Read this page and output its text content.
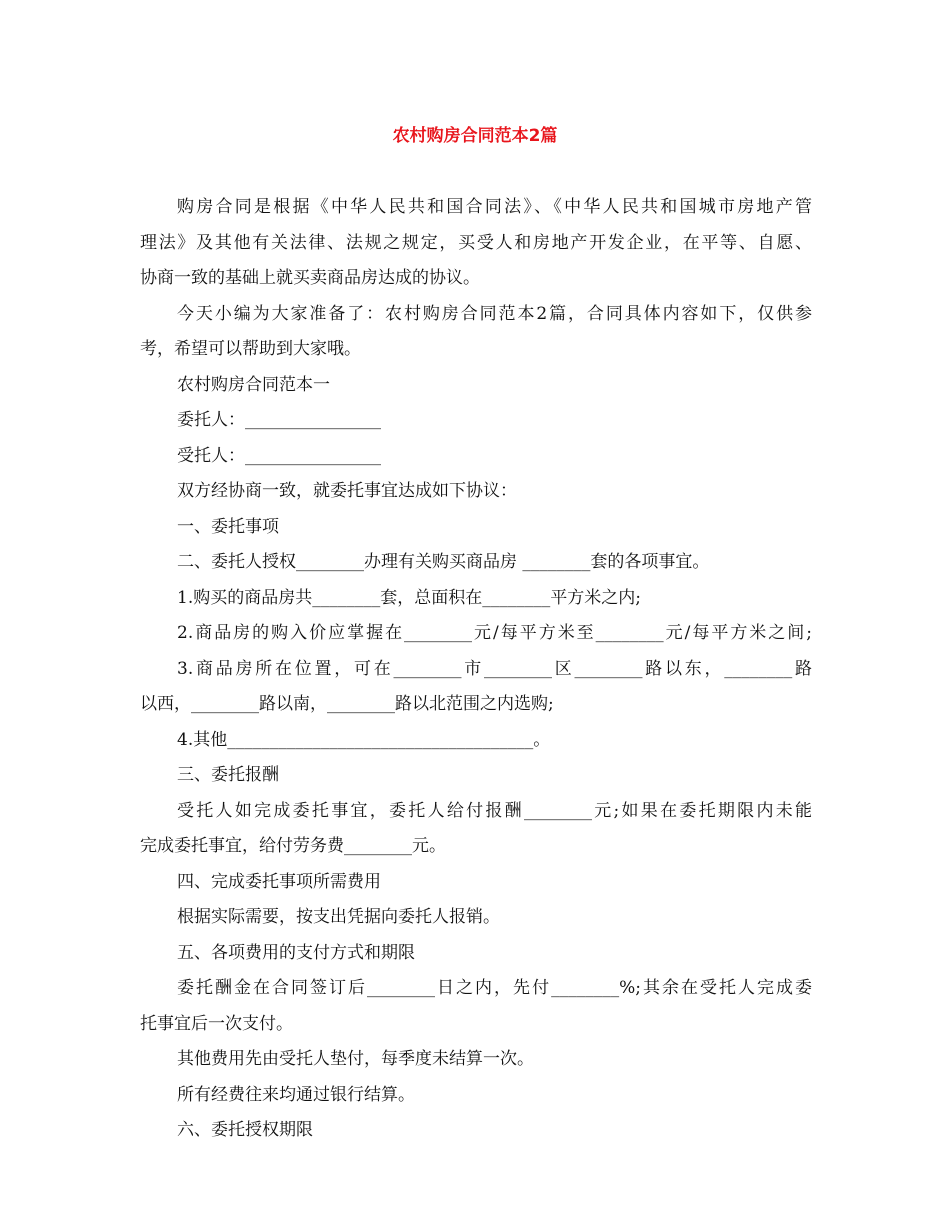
农村购房合同范本2篇
购房合同是根据《中华人民共和国合同法》、《中华人民共和国城市房地产管
理法》及其他有关法律、法规之规定，买受人和房地产开发企业，在平等、自愿、
协商一致的基础上就买卖商品房达成的协议。
今天小编为大家准备了：农村购房合同范本2篇，合同具体内容如下，仅供参
考，希望可以帮助到大家哦。
农村购房合同范本一
委托人：________________
受托人：________________
双方经协商一致，就委托事宜达成如下协议：
一、委托事项
二、委托人授权________办理有关购买商品房 ________套的各项事宜。
1.购买的商品房共________套，总面积在________平方米之内;
2.商品房的购入价应掌握在________元/每平方米至________元/每平方米之间;
3.商品房所在位置，可在________市________区________路以东，________路
以西，________路以南，________路以北范围之内选购;
4.其他____________________________________。
三、委托报酬
受托人如完成委托事宜，委托人给付报酬________元;如果在委托期限内未能
完成委托事宜，给付劳务费________元。
四、完成委托事项所需费用
根据实际需要，按支出凭据向委托人报销。
五、各项费用的支付方式和期限
委托酬金在合同签订后________日之内，先付________%;其余在受托人完成委
托事宜后一次支付。
其他费用先由受托人垫付，每季度未结算一次。
所有经费往来均通过银行结算。
六、委托授权期限
